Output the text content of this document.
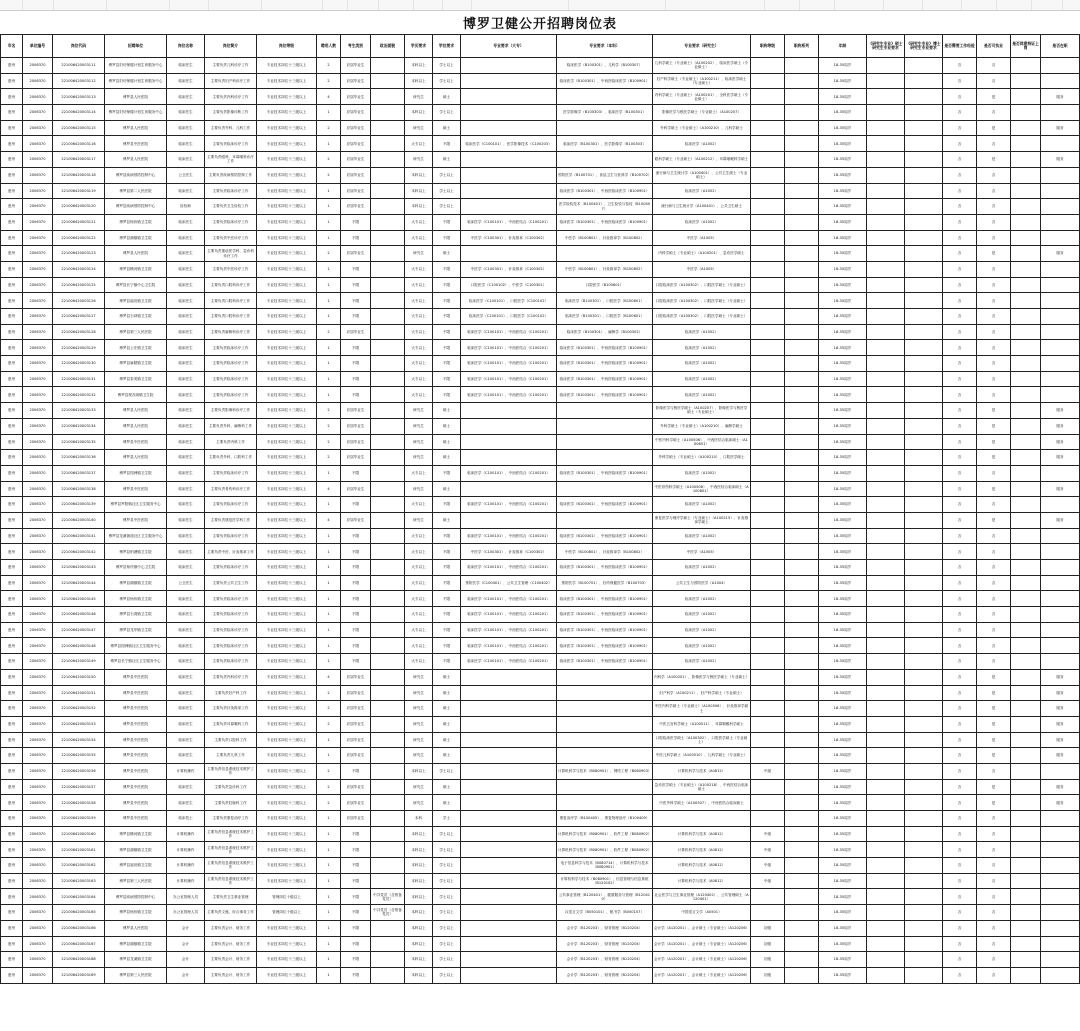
博罗卫健公开招聘岗位表
市名	单位编号	岗位代码	招聘单位	岗位名称	岗位简介	岗位等级	聘用人数	考生类别	政治面貌	学历要求	学位要求	专业要求（大专）	专业要求（本科）	专业要求（研究生）	职称等级	职称系列	年龄	《研究生专业》硕士研究生专业要求	《研究生专业》博士研究生专业要求	是否需要工作经验	是否可执业	是否同意持证上岗	是否在职
惠州	2006370	221006420003111	博罗县妇幼保健计划生育服务中心	临床医生	主要负责儿科诊疗工作	专业技术岗位十三级以上	2	应届毕业生		本科以上	学士以上		临床医学（B100301）、儿科学（B100307）	儿科学硕士（专业硕士）（A100202）、临床医学硕士（专业硕士）			18-35周岁			否	否		
惠州	2006370	221006420003112	博罗县妇幼保健计划生育服务中心	临床医生	主要负责妇产科诊疗工作	专业技术岗位十三级以上	2	应届毕业生		本科以上	学士以上		临床医学（B100301）、中西医临床医学（B100901）	妇产科学硕士（专业硕士）（A100211）、临床医学硕士（专业硕士）			18-35周岁			否	否		
惠州	2006370	221006420003113	博罗县人民医院	临床医生	主要负责内科诊疗工作	专业技术岗位十三级以上	4	应届毕业生		研究生	硕士			内科学硕士（专业硕士）（A100201）、全科医学硕士（专业硕士）			18-35周岁			否	是		服务
惠州	2006370	221006420003114	博罗县妇幼保健计划生育服务中心	临床医生	主要负责影像诊断工作	专业技术岗位十三级以上	1	应届毕业生		本科以上	学士以上		医学影像学（B100303）、临床医学（B100301）	影像医学与核医学硕士（专业硕士）（A100207）			18-35周岁			否	否		
惠州	2006370	221006420003115	博罗县人民医院	临床医生	主要负责外科、儿科工作	专业技术岗位十三级以上	2	应届毕业生		研究生	硕士			外科学硕士（专业硕士）（A100210）、儿科学硕士			18-35周岁			否	是		服务
惠州	2006370	221006420003116	博罗县中医医院	临床医生	主要负责临床诊疗工作	专业技术岗位十三级以上	1	应届毕业生		大专以上	不限	临床医学（C100101）、医学影像技术（C100203）	临床医学（B100301）、医学影像学（B100303）	临床医学（A1002）			18-35周岁			否	否		
惠州	2006370	221006420003117	博罗县人民医院	临床医生	主要负责眼科、耳鼻喉科诊疗工作	专业技术岗位十三级以上	2	应届毕业生		研究生	硕士			眼科学硕士（专业硕士）（A100212）、耳鼻咽喉科学硕士			18-35周岁			否	是		服务
惠州	2006370	221006420003118	博罗县疾病预防控制中心	公卫医生	主要负责疾病预防控制工作	专业技术岗位十三级以上	2	应届毕业生		本科以上	学士以上		预防医学（B100701）、食品卫生与营养学（B100702）	流行病与卫生统计学（A100401）、公共卫生硕士（专业硕士）			18-35周岁			否	否		
惠州	2006370	221006420003119	博罗县第二人民医院	临床医生	主要负责临床诊疗工作	专业技术岗位十三级以上	1	应届毕业生		本科以上	学士以上		临床医学（B100301）、中西医临床医学（B100901）	临床医学（A1002）			18-35周岁			否	否		
惠州	2006370	221006420003120	博罗县疾病预防控制中心	检验师	主要负责卫生检验工作	专业技术岗位十三级以上	1	应届毕业生		本科以上	学士以上		医学检验技术（B100401）、卫生检验与检疫（B100407）	流行病与卫生统计学（A100401）、公共卫生硕士			18-35周岁			否	否		
惠州	2006370	221006420003121	博罗县杨侨镇卫生院	临床医生	主要负责临床诊疗工作	专业技术岗位十三级以上	1	不限		大专以上	不限	临床医学（C100101）、中西医结合（C100201）	临床医学（B100301）、中西医临床医学（B100901）	临床医学（A1002）			18-35周岁			否	否		
惠州	2006370	221006420003122	博罗县湖镇镇卫生院	临床医生	主要负责中医诊疗工作	专业技术岗位十三级以上	1	不限		大专以上	不限	中医学（C100301）、针灸推拿（C100302）	中医学（B100801）、针灸推拿学（B100802）	中医学（A1005）			18-35周岁			否	否		
惠州	2006370	221006420003123	博罗县人民医院	临床医生	主要负责重症医学科、急诊科诊疗工作	专业技术岗位十三级以上	2	应届毕业生		研究生	硕士			内科学硕士（专业硕士）（A100201）、急诊医学硕士			18-35周岁			否	是		服务
惠州	2006370	221006420003124	博罗县横河镇卫生院	临床医生	主要负责中医诊疗工作	专业技术岗位十三级以上	1	不限		大专以上	不限	中医学（C100301）、针灸推拿（C100302）	中医学（B100801）、针灸推拿学（B100802）	中医学（A1005）			18-35周岁			否	否		
惠州	2006370	221006420003125	博罗县长宁镇中心卫生院	临床医生	主要负责口腔科诊疗工作	专业技术岗位十三级以上	1	不限		大专以上	不限	口腔医学（C100102）、中医学（C100301）	口腔医学（B100601）	口腔临床医学（A100302）、口腔医学硕士（专业硕士）			18-35周岁			否	否		
惠州	2006370	221006420003126	博罗县福田镇卫生院	临床医生	主要负责口腔科诊疗工作	专业技术岗位十三级以上	1	不限		大专以上	不限	临床医学（C100101）、口腔医学（C100102）	临床医学（B100301）、口腔医学（B100601）	口腔临床医学（A100302）、口腔医学硕士（专业硕士）			18-35周岁			否	否		
惠州	2006370	221006420003127	博罗县石坝镇卫生院	临床医生	主要负责口腔科诊疗工作	专业技术岗位十三级以上	1	不限		大专以上	不限	临床医学（C100101）、口腔医学（C100102）	临床医学（B100301）、口腔医学（B100601）	口腔临床医学（A100302）、口腔医学硕士（专业硕士）			18-35周岁			否	否		
惠州	2006370	221006420003128	博罗县第三人民医院	临床医生	主要负责麻醉科诊疗工作	专业技术岗位十三级以上	2	应届毕业生		大专以上	不限	临床医学（C100101）、中西医结合（C100201）	临床医学（B100301）、麻醉学（B100302）	临床医学（A1002）			18-35周岁			否	否		
惠州	2006370	221006420003129	博罗县公庄镇卫生院	临床医生	主要负责临床诊疗工作	专业技术岗位十三级以上	1	不限		大专以上	不限	临床医学（C100101）、中西医结合（C100201）	临床医学（B100301）、中西医临床医学（B100901）	临床医学（A1002）			18-35周岁			否	否		
惠州	2006370	221006420003130	博罗县麻陂镇卫生院	临床医生	主要负责临床诊疗工作	专业技术岗位十三级以上	1	不限		大专以上	不限	临床医学（C100101）、中西医结合（C100201）	临床医学（B100301）、中西医临床医学（B100901）	临床医学（A1002）			18-35周岁			否	否		
惠州	2006370	221006420003131	博罗县泰美镇卫生院	临床医生	主要负责临床诊疗工作	专业技术岗位十三级以上	1	不限		大专以上	不限	临床医学（C100101）、中西医结合（C100201）	临床医学（B100301）、中西医临床医学（B100901）	临床医学（A1002）			18-35周岁			否	否		
惠州	2006370	221006420003132	博罗县观音阁镇卫生院	临床医生	主要负责临床诊疗工作	专业技术岗位十三级以上	1	不限		大专以上	不限	临床医学（C100101）、中西医结合（C100201）	临床医学（B100301）、中西医临床医学（B100901）	临床医学（A1002）			18-35周岁			否	否		
惠州	2006370	221006420003133	博罗县人民医院	临床医生	主要负责影像科诊疗工作	专业技术岗位十三级以上	2	应届毕业生		研究生	硕士			影像医学与核医学硕士（A100207）、影像医学与核医学硕士（专业硕士）			18-35周岁			否	是		服务
惠州	2006370	221006420003134	博罗县人民医院	临床医生	主要负责外科、麻醉科工作	专业技术岗位十三级以上	2	应届毕业生		研究生	硕士			外科学硕士（专业硕士）（A100210）、麻醉学硕士			18-35周岁			否	是		服务
惠州	2006370	221006420003135	博罗县中医医院	临床医生	主要负责内科工作	专业技术岗位十三级以上	2	应届毕业生		研究生	硕士			中医内科学硕士（A100506）、中西医结合临床硕士（A100601）			18-35周岁			否	是		服务
惠州	2006370	221006420003136	博罗县人民医院	临床医生	主要负责外科、口腔科工作	专业技术岗位十三级以上	2	应届毕业生		研究生	硕士			外科学硕士（专业硕士）（A100210）、口腔医学硕士			18-35周岁			否	是		服务
惠州	2006370	221006420003137	博罗县园洲镇卫生院	临床医生	主要负责临床诊疗工作	专业技术岗位十三级以上	1	不限		大专以上	不限	临床医学（C100101）、中西医结合（C100201）	临床医学（B100301）、中西医临床医学（B100901）	临床医学（A1002）			18-35周岁			否	否		
惠州	2006370	221006420003138	博罗县中医医院	临床医生	主要负责骨伤科诊疗工作	专业技术岗位十三级以上	4	应届毕业生		研究生	硕士			中医骨伤科学硕士（A100508）、中西医结合临床硕士（A100601）			18-35周岁			否	是		服务
惠州	2006370	221006420003139	博罗县罗阳镇社区卫生服务中心	临床医生	主要负责临床诊疗工作	专业技术岗位十三级以上	1	不限		大专以上	不限	临床医学（C100101）、中西医结合（C100201）	临床医学（B100301）、中西医临床医学（B100901）	临床医学（A1002）			18-35周岁			否	否		
惠州	2006370	221006420003140	博罗县中医医院	临床医生	主要负责康复医学科工作	专业技术岗位十三级以上	4	应届毕业生		研究生	硕士			康复医学与理疗学硕士（专业硕士）（A100215）、针灸推拿学硕士			18-35周岁			否	是		服务
惠州	2006370	221006420003141	博罗县龙溪街道社区卫生服务中心	临床医生	主要负责临床诊疗工作	专业技术岗位十三级以上	1	不限		大专以上	不限	临床医学（C100101）、中西医结合（C100201）	临床医学（B100301）、中西医临床医学（B100901）	临床医学（A1002）			18-35周岁			否	否		
惠州	2006370	221006420003142	博罗县柏塘镇卫生院	临床医生	主要负责中医、针灸推拿工作	专业技术岗位十三级以上	1	不限		大专以上	不限	中医学（C100301）、针灸推拿（C100302）	中医学（B100801）、针灸推拿学（B100802）	中医学（A1005）			18-35周岁			否	否		
惠州	2006370	221006420003143	博罗县杨村镇中心卫生院	临床医生	主要负责临床诊疗工作	专业技术岗位十三级以上	1	不限		大专以上	不限	临床医学（C100101）、中西医结合（C100201）	临床医学（B100301）、中西医临床医学（B100901）	临床医学（A1002）			18-35周岁			否	否		
惠州	2006370	221006420003144	博罗县湖镇镇卫生院	公卫医生	主要负责公共卫生工作	专业技术岗位十三级以上	1	不限		大专以上	不限	预防医学（C100401）、公共卫生管理（C100402）	预防医学（B100701）、妇幼保健医学（B100703）	公共卫生与预防医学（A1004）			18-35周岁			否	否		
惠州	2006370	221006420003145	博罗县杨侨镇卫生院	临床医生	主要负责临床诊疗工作	专业技术岗位十三级以上	1	不限		大专以上	不限	临床医学（C100101）、中西医结合（C100201）	临床医学（B100301）、中西医临床医学（B100901）	临床医学（A1002）			18-35周岁			否	否		
惠州	2006370	221006420003146	博罗县石湾镇卫生院	临床医生	主要负责临床诊疗工作	专业技术岗位十三级以上	1	不限		大专以上	不限	临床医学（C100101）、中西医结合（C100201）	临床医学（B100301）、中西医临床医学（B100901）	临床医学（A1002）			18-35周岁			否	否		
惠州	2006370	221006420003147	博罗县龙华镇卫生院	临床医生	主要负责临床诊疗工作	专业技术岗位十三级以上	1	不限		大专以上	不限	临床医学（C100101）、中西医结合（C100201）	临床医学（B100301）、中西医临床医学（B100901）	临床医学（A1002）			18-35周岁			否	否		
惠州	2006370	221006420003148	博罗县园洲镇社区卫生服务中心	临床医生	主要负责临床诊疗工作	专业技术岗位十三级以上	1	不限		大专以上	不限	临床医学（C100101）、中西医结合（C100201）	临床医学（B100301）、中西医临床医学（B100901）	临床医学（A1002）			18-35周岁			否	否		
惠州	2006370	221006420003149	博罗县长宁镇社区卫生服务中心	临床医生	主要负责临床诊疗工作	专业技术岗位十三级以上	1	不限		大专以上	不限	临床医学（C100101）、中西医结合（C100201）	临床医学（B100301）、中西医临床医学（B100901）	临床医学（A1002）			18-35周岁			否	否		
惠州	2006370	221006420003150	博罗县中医医院	临床医生	主要负责内科诊疗工作	专业技术岗位十三级以上	4	应届毕业生		研究生	硕士			内科学（A100201）、影像医学与核医学硕士（专业硕士）			18-35周岁			否	是		服务
惠州	2006370	221006420003151	博罗县中医医院	临床医生	主要负责妇产科工作	专业技术岗位十三级以上	2	应届毕业生		研究生	硕士			妇产科学（A100211）、妇产科学硕士（专业硕士）			18-35周岁			否	是		服务
惠州	2006370	221006420003152	博罗县中医医院	临床医生	主要负责针灸推拿工作	专业技术岗位十三级以上	2	应届毕业生		研究生	硕士			中医内科学硕士（专业硕士）（A100506）、针灸推拿学硕士			18-35周岁			否	是		服务
惠州	2006370	221006420003153	博罗县中医医院	临床医生	主要负责耳鼻喉科工作	专业技术岗位十三级以上	2	应届毕业生		研究生	硕士			中医五官科学硕士（A100511）、耳鼻咽喉科学硕士			18-35周岁			否	是		服务
惠州	2006370	221006420003154	博罗县中医医院	临床医生	主要负责口腔科工作	专业技术岗位十三级以上	1	应届毕业生		研究生	硕士			口腔临床医学硕士（A100302）、口腔医学硕士（专业硕士）			18-35周岁			否	是		服务
惠州	2006370	221006420003155	博罗县中医医院	临床医生	主要负责儿科工作	专业技术岗位十三级以上	1	应届毕业生		研究生	硕士			中医儿科学硕士（A100510）、儿科学硕士（专业硕士）			18-35周岁			否	是		服务
惠州	2006370	221006420003156	博罗县中医医院	计算机操作	主要负责信息系统技术维护工作	专业技术岗位十三级以上	2	不限		本科以上	学士以上		计算机科学与技术（B080901）、网络工程（B080903）	计算机科学与技术（A0812）	中级		18-35周岁			否	否		
惠州	2006370	221006420003157	博罗县中医医院	临床医生	主要负责急诊科工作	专业技术岗位十三级以上	2	应届毕业生		研究生	硕士			急诊医学硕士（专业硕士）（A100218）、中西医结合临床硕士			18-35周岁			否	是		服务
惠州	2006370	221006420003158	博罗县中医医院	临床医生	主要负责肛肠科工作	专业技术岗位十三级以上	2	应届毕业生		研究生	硕士			中医外科学硕士（A100507）、中西医结合临床硕士			18-35周岁			否	是		服务
惠州	2006370	221006420003159	博罗县中医医院	临床技士	主要负责康复治疗工作	专业技术岗位十三级以上	1	应届毕业生		本科	学士		康复治疗学（B100405）、康复物理治疗（B100409）				18-35周岁			否	否		
惠州	2006370	221006420003160	博罗县横河镇卫生院	计算机操作	主要负责信息系统技术维护工作	专业技术岗位十三级以上	1	不限		本科以上	学士以上		计算机科学与技术（B080901）、软件工程（B080902）	计算机科学与技术（A0812）	中级		18-35周岁			否	否		
惠州	2006370	221006420003161	博罗县湖镇镇卫生院	计算机操作	主要负责信息系统技术维护工作	专业技术岗位十三级以上	1	不限		本科以上	学士以上		计算机科学与技术（B080901）、软件工程（B080902）	计算机科学与技术（A0812）	中级		18-35周岁			否	否		
惠州	2006370	221006420003162	博罗县福田镇卫生院	计算机操作	主要负责信息系统技术维护工作	专业技术岗位十三级以上	1	不限		本科以上	学士以上		电子信息科学与技术（B080714）、计算机科学与技术（B080901）	计算机科学与技术（A0812）	中级		18-35周岁			否	否		
惠州	2006370	221006420003163	博罗县第三人民医院	计算机操作	主要负责信息系统技术维护工作	专业技术岗位十三级以上	1	不限		本科以上	学士以上		计算机科学与技术（B080901）、信息管理与信息系统（B120102）	计算机科学与技术（A0812）	中级		18-35周岁			否	否		
惠州	2006370	221006420003164	博罗县疾病预防控制中心	办公室管理人员	主要负责卫生事业管理	管理岗位十级以上	1	不限	中共党员（含预备党员）	本科以上	学士以上		公共事业管理（B120401）、健康服务与管理（B120410）	社会医学与卫生事业管理（A120402）、公共管理硕士（A120401）			18-35周岁			否	否		
惠州	2006370	221006420003165	博罗县杨侨镇卫生院	办公室管理人员	主要负责文秘、综合事务工作	管理岗位十级以上	1	不限	中共党员（含预备党员）	本科以上	学士以上		汉语言文学（B050101）、秘书学（B050107）	中国语言文学（A0501）			18-35周岁			否	否		
惠州	2006370	221006420003166	博罗县人民医院	会计	主要负责会计、财务工作	专业技术岗位十三级以上	1	不限		本科以上	学士以上		会计学（B120203）、财务管理（B120204）	会计学（A120201）、会计硕士（专业硕士）（A120206）	初级		18-35周岁			否	否		
惠州	2006370	221006420003167	博罗县湖镇镇卫生院	会计	主要负责会计、财务工作	专业技术岗位十三级以上	1	不限		本科以上	学士以上		会计学（B120203）、财务管理（B120204）	会计学（A120201）、会计硕士（专业硕士）（A120206）	初级		18-35周岁			否	否		
惠州	2006370	221006420003168	博罗县龙溪镇卫生院	会计	主要负责会计、财务工作	专业技术岗位十三级以上	1	不限		本科以上	学士以上		会计学（B120203）、财务管理（B120204）	会计学（A120201）、会计硕士（专业硕士）（A120206）	初级		18-35周岁			否	否		
惠州	2006370	221006420003169	博罗县第三人民医院	会计	主要负责会计、财务工作	专业技术岗位十三级以上	1	不限		本科以上	学士以上		会计学（B120203）、财务管理（B120204）	会计学（A120201）、会计硕士（专业硕士）（A120206）	初级		18-35周岁			否	否		
